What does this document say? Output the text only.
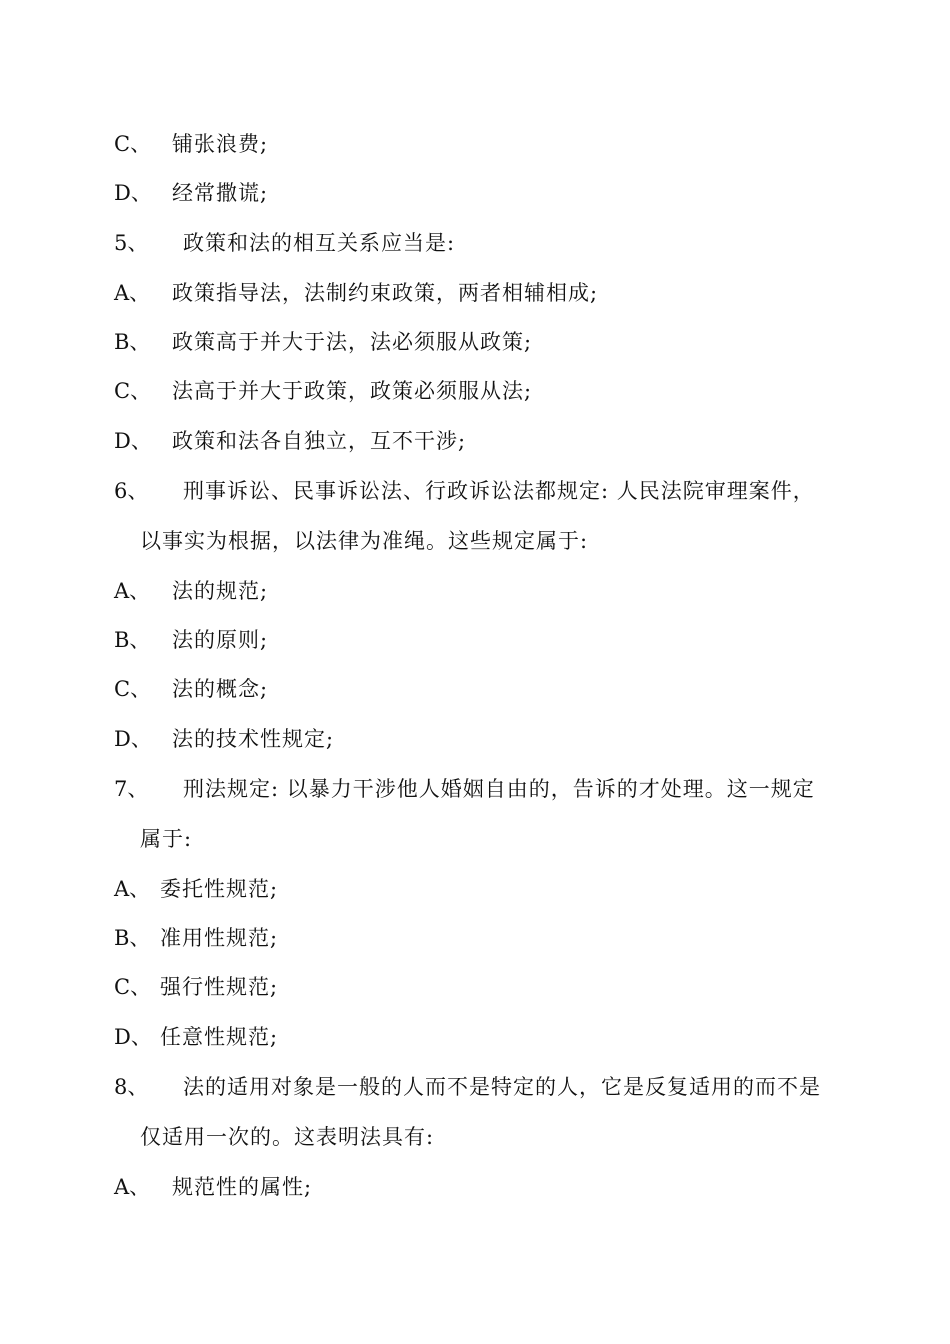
C、 铺张浪费;
D、 经常撒谎;
5、 政策和法的相互关系应当是:
A、 政策指导法，法制约束政策，两者相辅相成;
B、 政策高于并大于法，法必须服从政策;
C、 法高于并大于政策，政策必须服从法;
D、 政策和法各自独立，互不干涉;
6、 刑事诉讼、民事诉讼法、行政诉讼法都规定: 人民法院审理案件，
以事实为根据，以法律为准绳。这些规定属于:
A、 法的规范;
B、 法的原则;
C、 法的概念;
D、 法的技术性规定;
7、 刑法规定: 以暴力干涉他人婚姻自由的，告诉的才处理。这一规定
属于:
A、 委托性规范;
B、 准用性规范;
C、 强行性规范;
D、 任意性规范;
8、 法的适用对象是一般的人而不是特定的人，它是反复适用的而不是
仅适用一次的。这表明法具有:
A、 规范性的属性;
